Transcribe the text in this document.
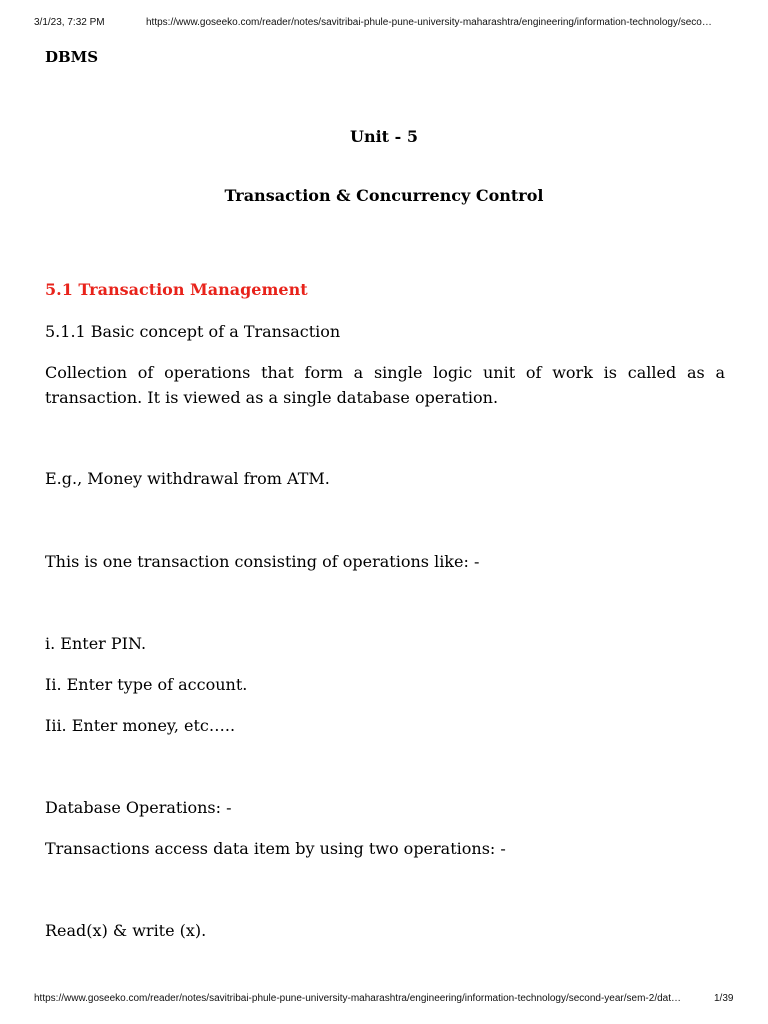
3/1/23, 7:32 PM	https://www.goseeko.com/reader/notes/savitribai-phule-pune-university-maharashtra/engineering/information-technology/seco…
DBMS
Unit - 5
Transaction & Concurrency Control
5.1 Transaction Management
5.1.1 Basic concept of a Transaction
Collection of operations that form a single logic unit of work is called as a transaction. It is viewed as a single database operation.
E.g., Money withdrawal from ATM.
This is one transaction consisting of operations like: -
i. Enter PIN.
Ii. Enter type of account.
Iii. Enter money, etc…..
Database Operations: -
Transactions access data item by using two operations: -
Read(x) & write (x).
https://www.goseeko.com/reader/notes/savitribai-phule-pune-university-maharashtra/engineering/information-technology/second-year/sem-2/dat…	1/39
